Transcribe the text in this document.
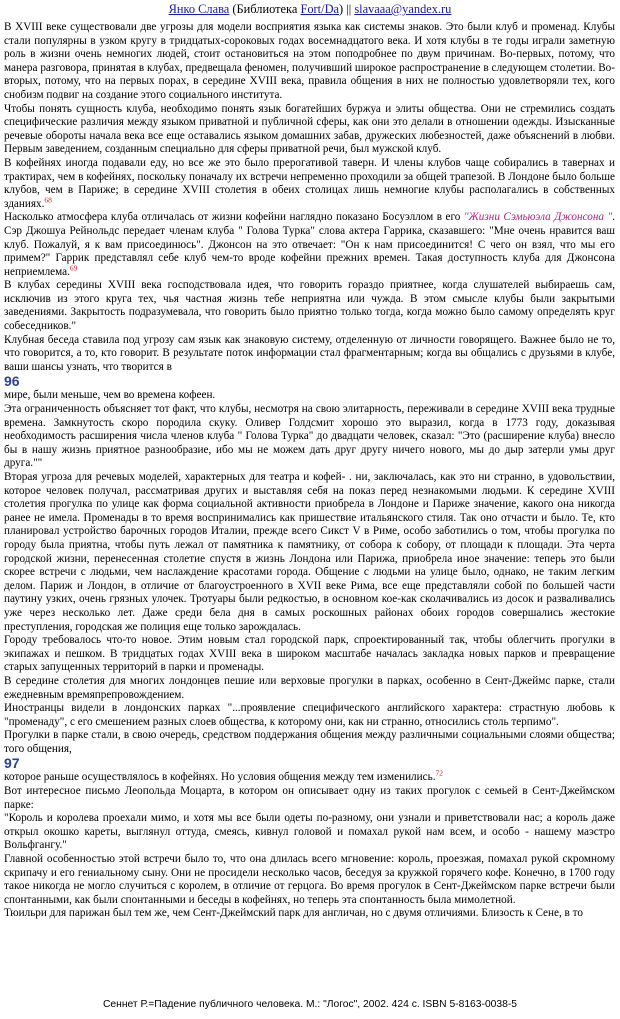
Янко Слава (Библиотека Fort/Da) || slavaaa@yandex.ru

В XVIII веке существовали две угрозы для модели восприятия языка как системы знаков. Это были клуб и променад. Клубы стали популярны в узком кругу в тридцатых-сороковых годах восемнадцатого века. И хотя клубы в те годы играли заметную роль в жизни очень немногих людей, стоит остановиться на этом поподробнее по двум причинам. Во-первых, потому, что манера разговора, принятая в клубах, предвещала феномен, получивший широкое распространение в следующем столетии. Во-вторых, потому, что на первых порах, в середине XVIII века, правила общения в них не полностью удовлетворяли тех, кого снобизм подвиг на создание этого социального института.

Чтобы понять сущность клуба, необходимо понять язык богатейших буржуа и элиты общества. Они не стремились создать специфические различия между языком приватной и публичной сферы, как они это делали в отношении одежды. Изысканные речевые обороты начала века все еще оставались языком домашних забав, дружеских любезностей, даже объяснений в любви. Первым заведением, созданным специально для сферы приватной речи, был мужской клуб.

В кофейнях иногда подавали еду, но все же это было прерогативой таверн. И члены клубов чаще собирались в тавернах и трактирах, чем в кофейнях, поскольку поначалу их встречи непременно проходили за общей трапезой. В Лондоне было больше клубов, чем в Париже; в середине XVIII столетия в обеих столицах лишь немногие клубы располагались в собственных зданиях.$^{68}$

Насколько атмосфера клуба отличалась от жизни кофейни наглядно показано Босуэллом в его "Жизни Сэмьюэла Джонсона ". Сэр Джошуа Рейнольдс передает членам клуба " Голова Турка" слова актера Гаррика, сказавшего: "Мне очень нравится ваш клуб. Пожалуй, я к вам присоединюсь". Джонсон на это отвечает: "Он к нам присоединится! С чего он взял, что мы его примем?" Гаррик представлял себе клуб чем-то вроде кофейни прежних времен. Такая доступность клуба для Джонсона неприемлема.$^{69}$

В клубах середины XVIII века господствовала идея, что говорить гораздо приятнее, когда слушателей выбираешь сам, исключив из этого круга тех, чья частная жизнь тебе неприятна или чужда. В этом смысле клубы были закрытыми заведениями. Закрытость подразумевала, что говорить было приятно только тогда, когда можно было самому определять круг собеседников."

Клубная беседа ставила под угрозу сам язык как знаковую систему, отделенную от личности говорящего. Важнее было не то, что говорится, а то, кто говорит. В результате поток информации стал фрагментарным; когда вы общались с друзьями в клубе, ваши шансы узнать, что творится в

96

мире, были меньше, чем во времена кофеен.

Эта ограниченность объясняет тот факт, что клубы, несмотря на свою элитарность, переживали в середине XVIII века трудные времена. Замкнутость скоро породила скуку. Оливер Голдсмит хорошо это выразил, когда в 1773 году, доказывая необходимость расширения числа членов клуба " Голова Турка" до двадцати человек, сказал: "Это (расширение клуба) внесло бы в нашу жизнь приятное разнообразие, ибо мы не можем дать друг другу ничего нового, мы до дыр затерли умы друг друга.""

Вторая угроза для речевых моделей, характерных для театра и кофей- . ни, заключалась, как это ни странно, в удовольствии, которое человек получал, рассматривая других и выставляя себя на показ перед незнакомыми людьми. К середине XVIII столетия прогулка по улице как форма социальной активности приобрела в Лондоне и Париже значение, какого она никогда ранее не имела. Променады в то время воспринимались как пришествие итальянского стиля. Так оно отчасти и было. Те, кто планировал устройство барочных городов Италии, прежде всего Сикст V в Риме, особо заботились о том, чтобы прогулка по городу была приятна, чтобы путь лежал от памятника к памятнику, от собора к собору, от площади к площади. Эта черта городской жизни, перенесенная столетие спустя в жизнь Лондона или Парижа, приобрела иное значение: теперь это были скорее встречи с людьми, чем наслаждение красотами города. Общение с людьми на улице было, однако, не таким легким делом. Париж и Лондон, в отличие от благоустроенного в XVII веке Рима, все еще представляли собой по большей части паутину узких, очень грязных улочек. Тротуары были редкостью, в основном кое-как сколачивались из досок и разваливались уже через несколько лет. Даже среди бела дня в самых роскошных районах обоих городов совершались жестокие преступления, городская же полиция еще только зарождалась.

Городу требовалось что-то новое. Этим новым стал городской парк, спроектированный так, чтобы облегчить прогулки в экипажах и пешком. В тридцатых годах XVIII века в широком масштабе началась закладка новых парков и превращение старых запущенных территорий в парки и променады.

В середине столетия для многих лондонцев пешие или верховые прогулки в парках, особенно в Сент-Джеймс парке, стали ежедневным времяпрепровождением.

Иностранцы видели в лондонских парках "...проявление специфического английского характера: страстную любовь к "променаду", с его смешением разных слоев общества, к которому они, как ни странно, относились столь терпимо".

Прогулки в парке стали, в свою очередь, средством поддержания общения между различными социальными слоями общества; того общения,

97

которое раньше осуществлялось в кофейнях. Но условия общения между тем изменились.$^{72}$

Вот интересное письмо Леопольда Моцарта, в котором он описывает одну из таких прогулок с семьей в Сент-Джеймском парке:

"Король и королева проехали мимо, и хотя мы все были одеты по-разному, они узнали и приветствовали нас; а король даже открыл окошко кареты, выглянул оттуда, смеясь, кивнул головой и помахал рукой нам всем, и особо - нашему маэстро Вольфгангу."

Главной особенностью этой встречи было то, что она длилась всего мгновение: король, проезжая, помахал рукой скромному скрипачу и его гениальному сыну. Они не просидели несколько часов, беседуя за кружкой горячего кофе. Конечно, в 1700 году такое никогда не могло случиться с королем, в отличие от герцога. Во время прогулок в Сент-Джеймском парке встречи были спонтанными, как были спонтанными и беседы в кофейнях, но теперь эта спонтанность была мимолетной.

Тюильри для парижан был тем же, чем Сент-Джеймский парк для англичан, но с двумя отличиями. Близость к Сене, в то

Сеннет Р.=Падение публичного человека. М.: "Логос", 2002. 424 с. ISBN 5-8163-0038-5
